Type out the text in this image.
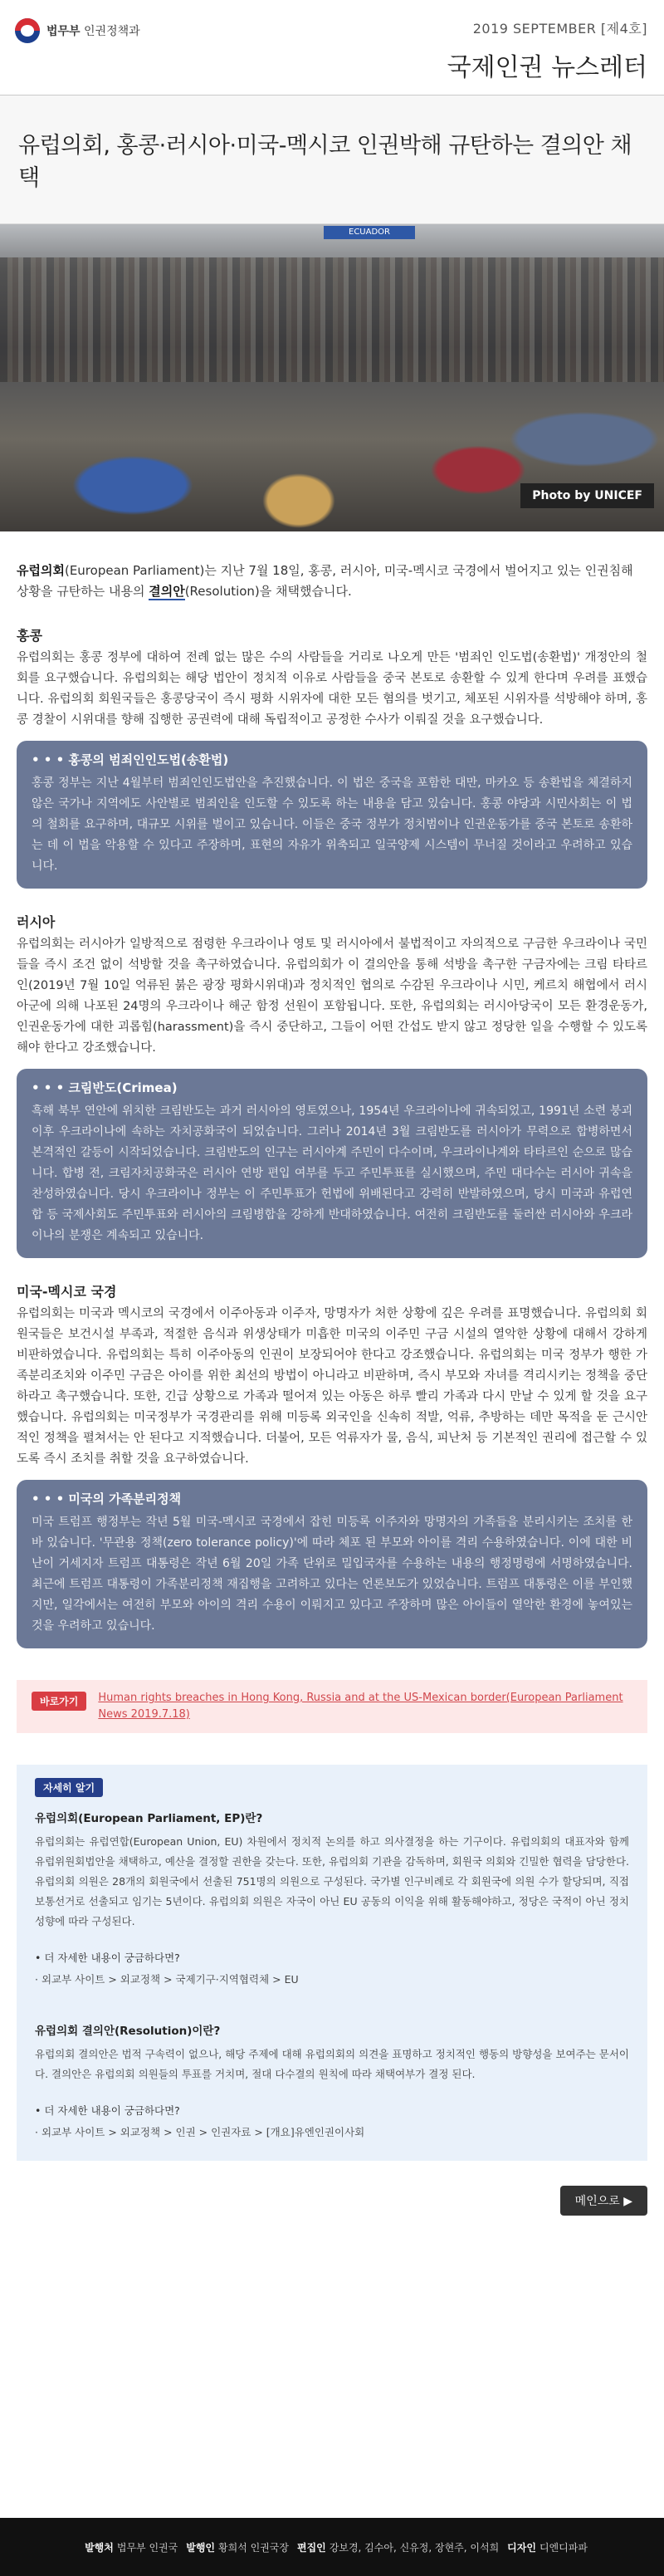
법무부 인권정책과	2019 SEPTEMBER [제4호]
국제인권 뉴스레터
유럽의회, 홍콩·러시아·미국-멕시코 인권박해 규탄하는 결의안 채택
ECUADOR
Photo by UNICEF

유럽의회(European Parliament)는 지난 7월 18일, 홍콩, 러시아, 미국-멕시코 국경에서 벌어지고 있는 인권침해 상황을 규탄하는 내용의 결의안(Resolution)을 채택했습니다.

홍콩

유럽의회는 홍콩 정부에 대하여 전례 없는 많은 수의 사람들을 거리로 나오게 만든 '범죄인 인도법(송환법)' 개정안의 철회를 요구했습니다. 유럽의회는 해당 법안이 정치적 이유로 사람들을 중국 본토로 송환할 수 있게 한다며 우려를 표했습니다. 유럽의회 회원국들은 홍콩당국이 즉시 평화 시위자에 대한 모든 혐의를 벗기고, 체포된 시위자를 석방해야 하며, 홍콩 경찰이 시위대를 향해 집행한 공권력에 대해 독립적이고 공정한 수사가 이뤄질 것을 요구했습니다.

• • • 홍콩의 범죄인인도법(송환법)

홍콩 정부는 지난 4월부터 범죄인인도법안을 추진했습니다. 이 법은 중국을 포함한 대만, 마카오 등 송환법을 체결하지 않은 국가나 지역에도 사안별로 범죄인을 인도할 수 있도록 하는 내용을 담고 있습니다. 홍콩 야당과 시민사회는 이 법의 철회를 요구하며, 대규모 시위를 벌이고 있습니다. 이들은 중국 정부가 정치범이나 인권운동가를 중국 본토로 송환하는 데 이 법을 악용할 수 있다고 주장하며, 표현의 자유가 위축되고 일국양제 시스템이 무너질 것이라고 우려하고 있습니다.

러시아

유럽의회는 러시아가 일방적으로 점령한 우크라이나 영토 및 러시아에서 불법적이고 자의적으로 구금한 우크라이나 국민들을 즉시 조건 없이 석방할 것을 촉구하였습니다. 유럽의회가 이 결의안을 통해 석방을 촉구한 구금자에는 크림 타타르인(2019년 7월 10일 억류된 붉은 광장 평화시위대)과 정치적인 협의로 수감된 우크라이나 시민, 케르치 해협에서 러시아군에 의해 나포된 24명의 우크라이나 해군 함정 선원이 포함됩니다. 또한, 유럽의회는 러시아당국이 모든 환경운동가, 인권운동가에 대한 괴롭힘(harassment)을 즉시 중단하고, 그들이 어떤 간섭도 받지 않고 정당한 일을 수행할 수 있도록 해야 한다고 강조했습니다.

• • • 크림반도(Crimea)

흑해 북부 연안에 위치한 크림반도는 과거 러시아의 영토였으나, 1954년 우크라이나에 귀속되었고, 1991년 소련 붕괴 이후 우크라이나에 속하는 자치공화국이 되었습니다. 그러나 2014년 3월 크림반도를 러시아가 무력으로 합병하면서 본격적인 갈등이 시작되었습니다. 크림반도의 인구는 러시아계 주민이 다수이며, 우크라이나계와 타타르인 순으로 많습니다. 합병 전, 크림자치공화국은 러시아 연방 편입 여부를 두고 주민투표를 실시했으며, 주민 대다수는 러시아 귀속을 찬성하였습니다. 당시 우크라이나 정부는 이 주민투표가 헌법에 위배된다고 강력히 반발하였으며, 당시 미국과 유럽연합 등 국제사회도 주민투표와 러시아의 크림병합을 강하게 반대하였습니다. 여전히 크림반도를 둘러싼 러시아와 우크라이나의 분쟁은 계속되고 있습니다.

미국-멕시코 국경

유럽의회는 미국과 멕시코의 국경에서 이주아동과 이주자, 망명자가 처한 상황에 깊은 우려를 표명했습니다. 유럽의회 회원국들은 보건시설 부족과, 적절한 음식과 위생상태가 미흡한 미국의 이주민 구금 시설의 열악한 상황에 대해서 강하게 비판하였습니다. 유럽의회는 특히 이주아동의 인권이 보장되어야 한다고 강조했습니다. 유럽의회는 미국 정부가 행한 가족분리조치와 이주민 구금은 아이를 위한 최선의 방법이 아니라고 비판하며, 즉시 부모와 자녀를 격리시키는 정책을 중단하라고 촉구했습니다. 또한, 긴급 상황으로 가족과 떨어져 있는 아동은 하루 빨리 가족과 다시 만날 수 있게 할 것을 요구했습니다. 유럽의회는 미국정부가 국경관리를 위해 미등록 외국인을 신속히 적발, 억류, 추방하는 데만 목적을 둔 근시안적인 정책을 펼쳐서는 안 된다고 지적했습니다. 더불어, 모든 억류자가 물, 음식, 피난처 등 기본적인 권리에 접근할 수 있도록 즉시 조치를 취할 것을 요구하였습니다.

• • • 미국의 가족분리정책

미국 트럼프 행정부는 작년 5월 미국-멕시코 국경에서 잡힌 미등록 이주자와 망명자의 가족들을 분리시키는 조치를 한 바 있습니다. '무관용 정책(zero tolerance policy)'에 따라 체포 된 부모와 아이를 격리 수용하였습니다. 이에 대한 비난이 거세지자 트럼프 대통령은 작년 6월 20일 가족 단위로 밀입국자를 수용하는 내용의 행정명령에 서명하였습니다. 최근에 트럼프 대통령이 가족분리정책 재집행을 고려하고 있다는 언론보도가 있었습니다. 트럼프 대통령은 이를 부인했지만, 일각에서는 여전히 부모와 아이의 격리 수용이 이뤄지고 있다고 주장하며 많은 아이들이 열악한 환경에 놓여있는 것을 우려하고 있습니다.

바로가기	Human rights breaches in Hong Kong, Russia and at the US-Mexican border(European Parliament News 2019.7.18)
자세히 알기
유럽의회(European Parliament, EP)란?
유럽의회는 유럽연합(European Union, EU) 차원에서 정치적 논의를 하고 의사결정을 하는 기구이다. 유럽의회의 대표자와 함께 유럽위원회법안을 채택하고, 예산을 결정할 권한을 갖는다. 또한, 유럽의회 기관을 감독하며, 회원국 의회와 긴밀한 협력을 담당한다. 유럽의회 의원은 28개의 회원국에서 선출된 751명의 의원으로 구성된다. 국가별 인구비례로 각 회원국에 의원 수가 할당되며, 직접보통선거로 선출되고 임기는 5년이다. 유럽의회 의원은 자국이 아닌 EU 공동의 이익을 위해 활동해야하고, 정당은 국적이 아닌 정치성향에 따라 구성된다.
• 더 자세한 내용이 궁금하다면?
· 외교부 사이트 > 외교정책 > 국제기구·지역협력체 > EU
유럽의회 결의안(Resolution)이란?
유럽의회 결의안은 법적 구속력이 없으나, 해당 주제에 대해 유럽의회의 의견을 표명하고 정치적인 행동의 방향성을 보여주는 문서이다. 결의안은 유럽의회 의원들의 투표를 거치며, 절대 다수결의 원칙에 따라 채택여부가 결정 된다.
• 더 자세한 내용이 궁금하다면?
· 외교부 사이트 > 외교정책 > 인권 > 인권자료 > [개요]유엔인권이사회
메인으로 ▶
발행처 법무부 인권국 발행인 황희석 인권국장 편집인 강보경, 김수아, 신유정, 장현주, 이석희 디자인 디엔디파파
